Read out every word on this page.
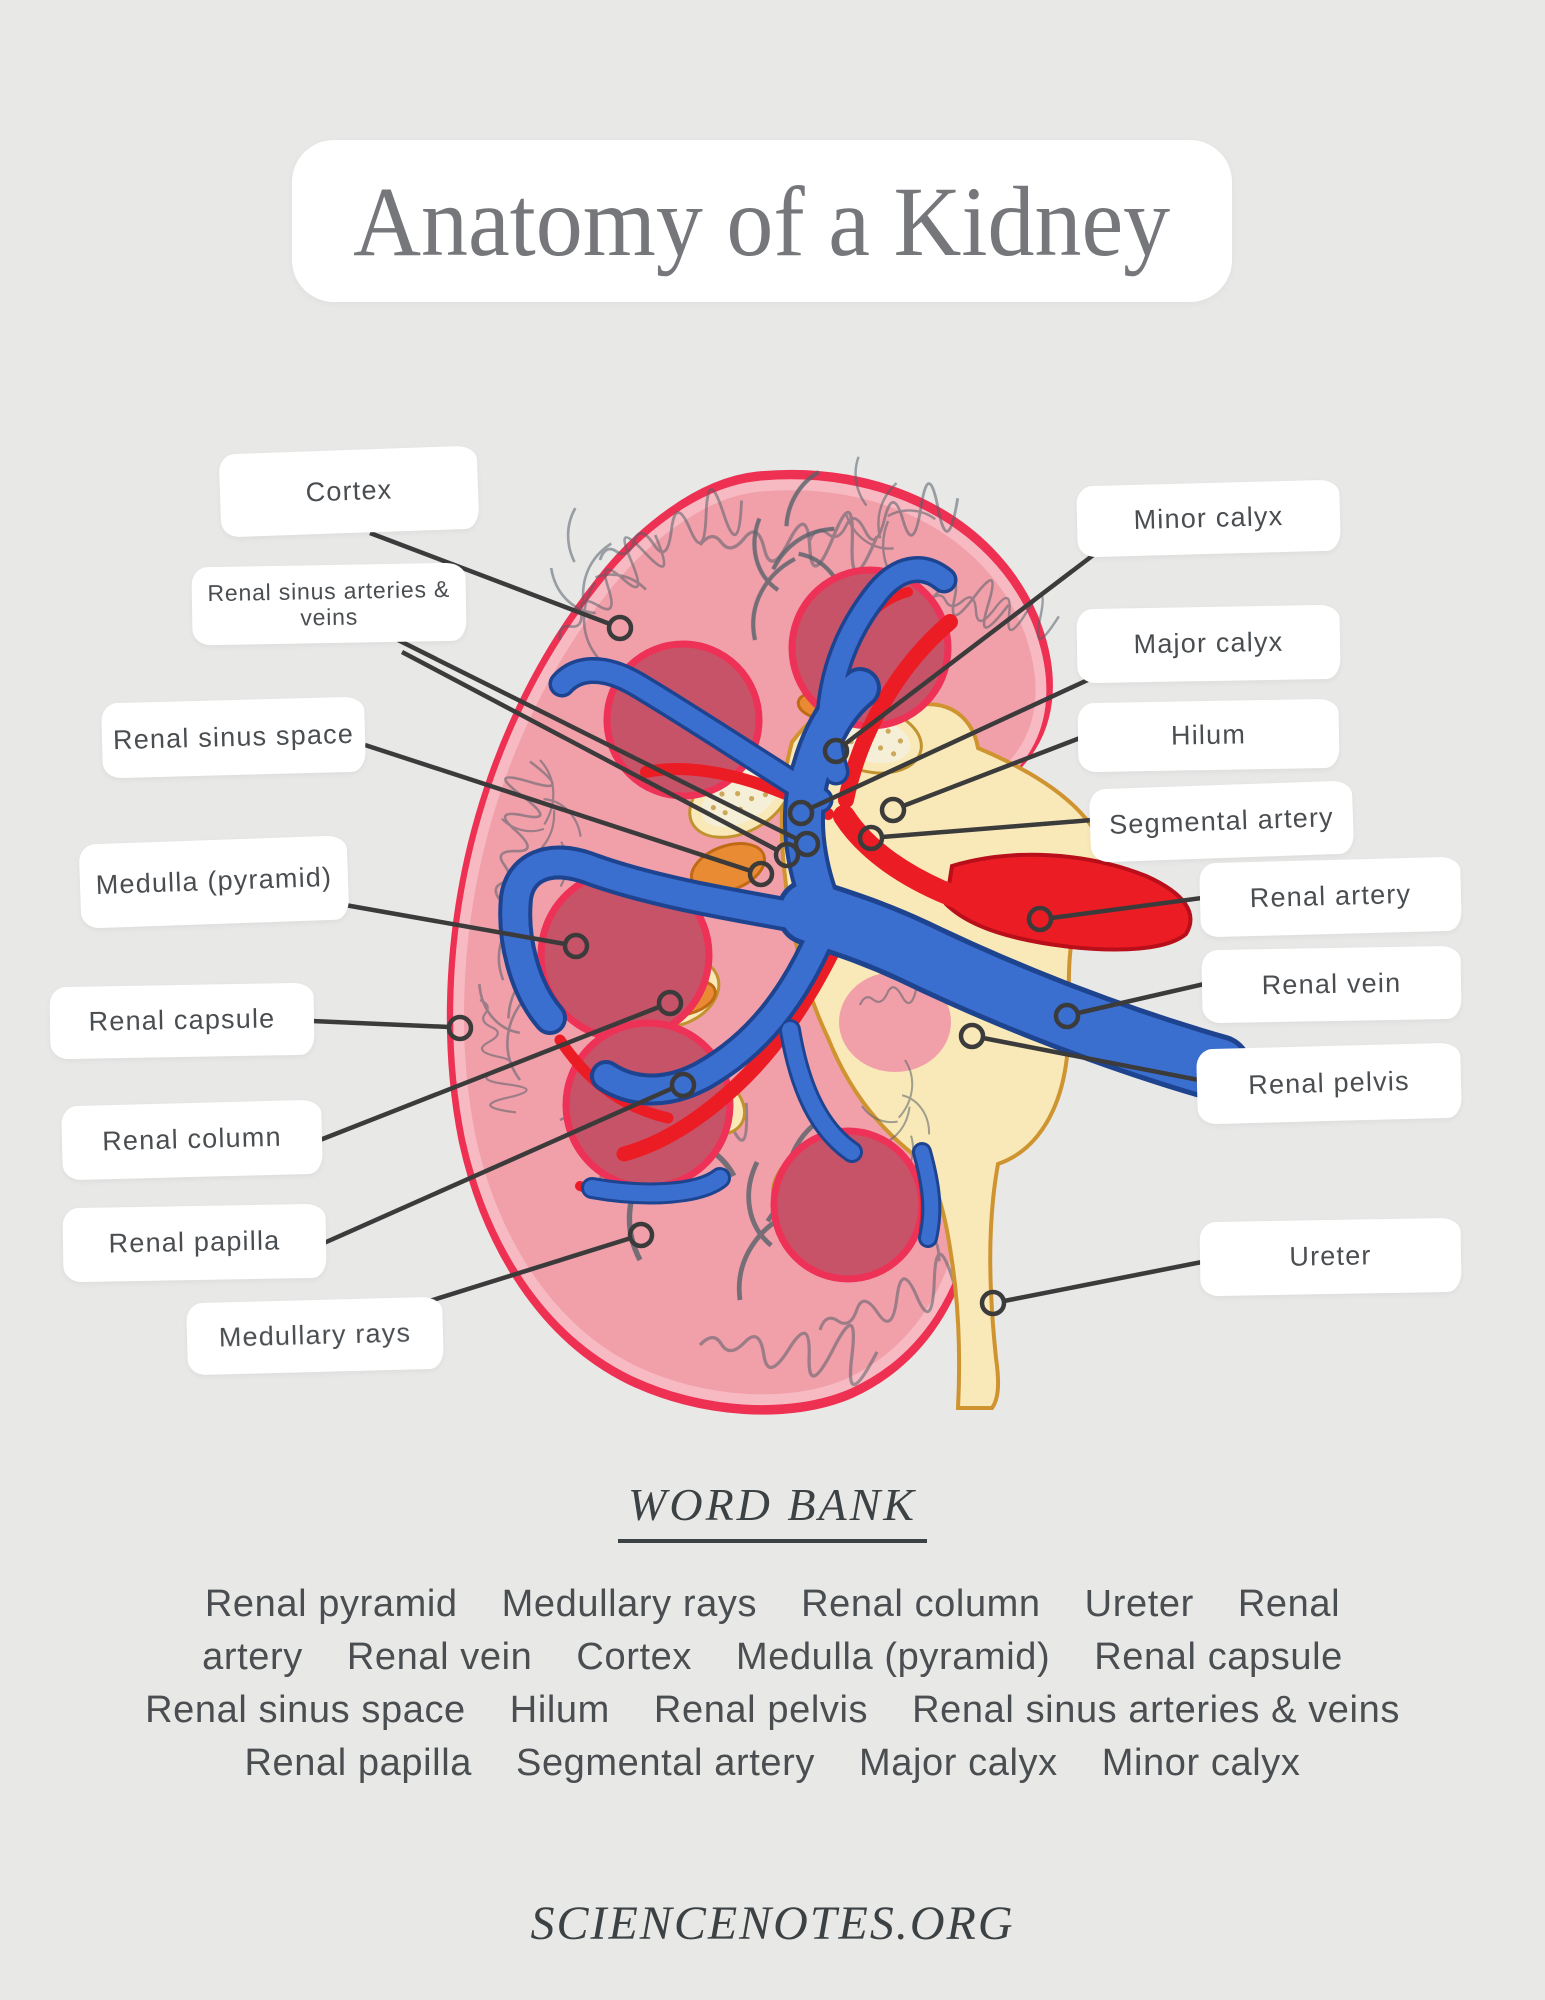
Anatomy of a Kidney
Cortex
Renal sinus arteries & veins
Renal sinus space
Medulla (pyramid)
Renal capsule
Renal column
Renal papilla
Medullary rays
Minor calyx
Major calyx
Hilum
Segmental artery
Renal artery
Renal vein
Renal pelvis
Ureter
WORD BANK
Renal pyramid Medullary rays Renal column Ureter Renal
artery Renal vein Cortex Medulla (pyramid) Renal capsule
Renal sinus space Hilum Renal pelvis Renal sinus arteries & veins
Renal papilla Segmental artery Major calyx Minor calyx
SCIENCENOTES.ORG
